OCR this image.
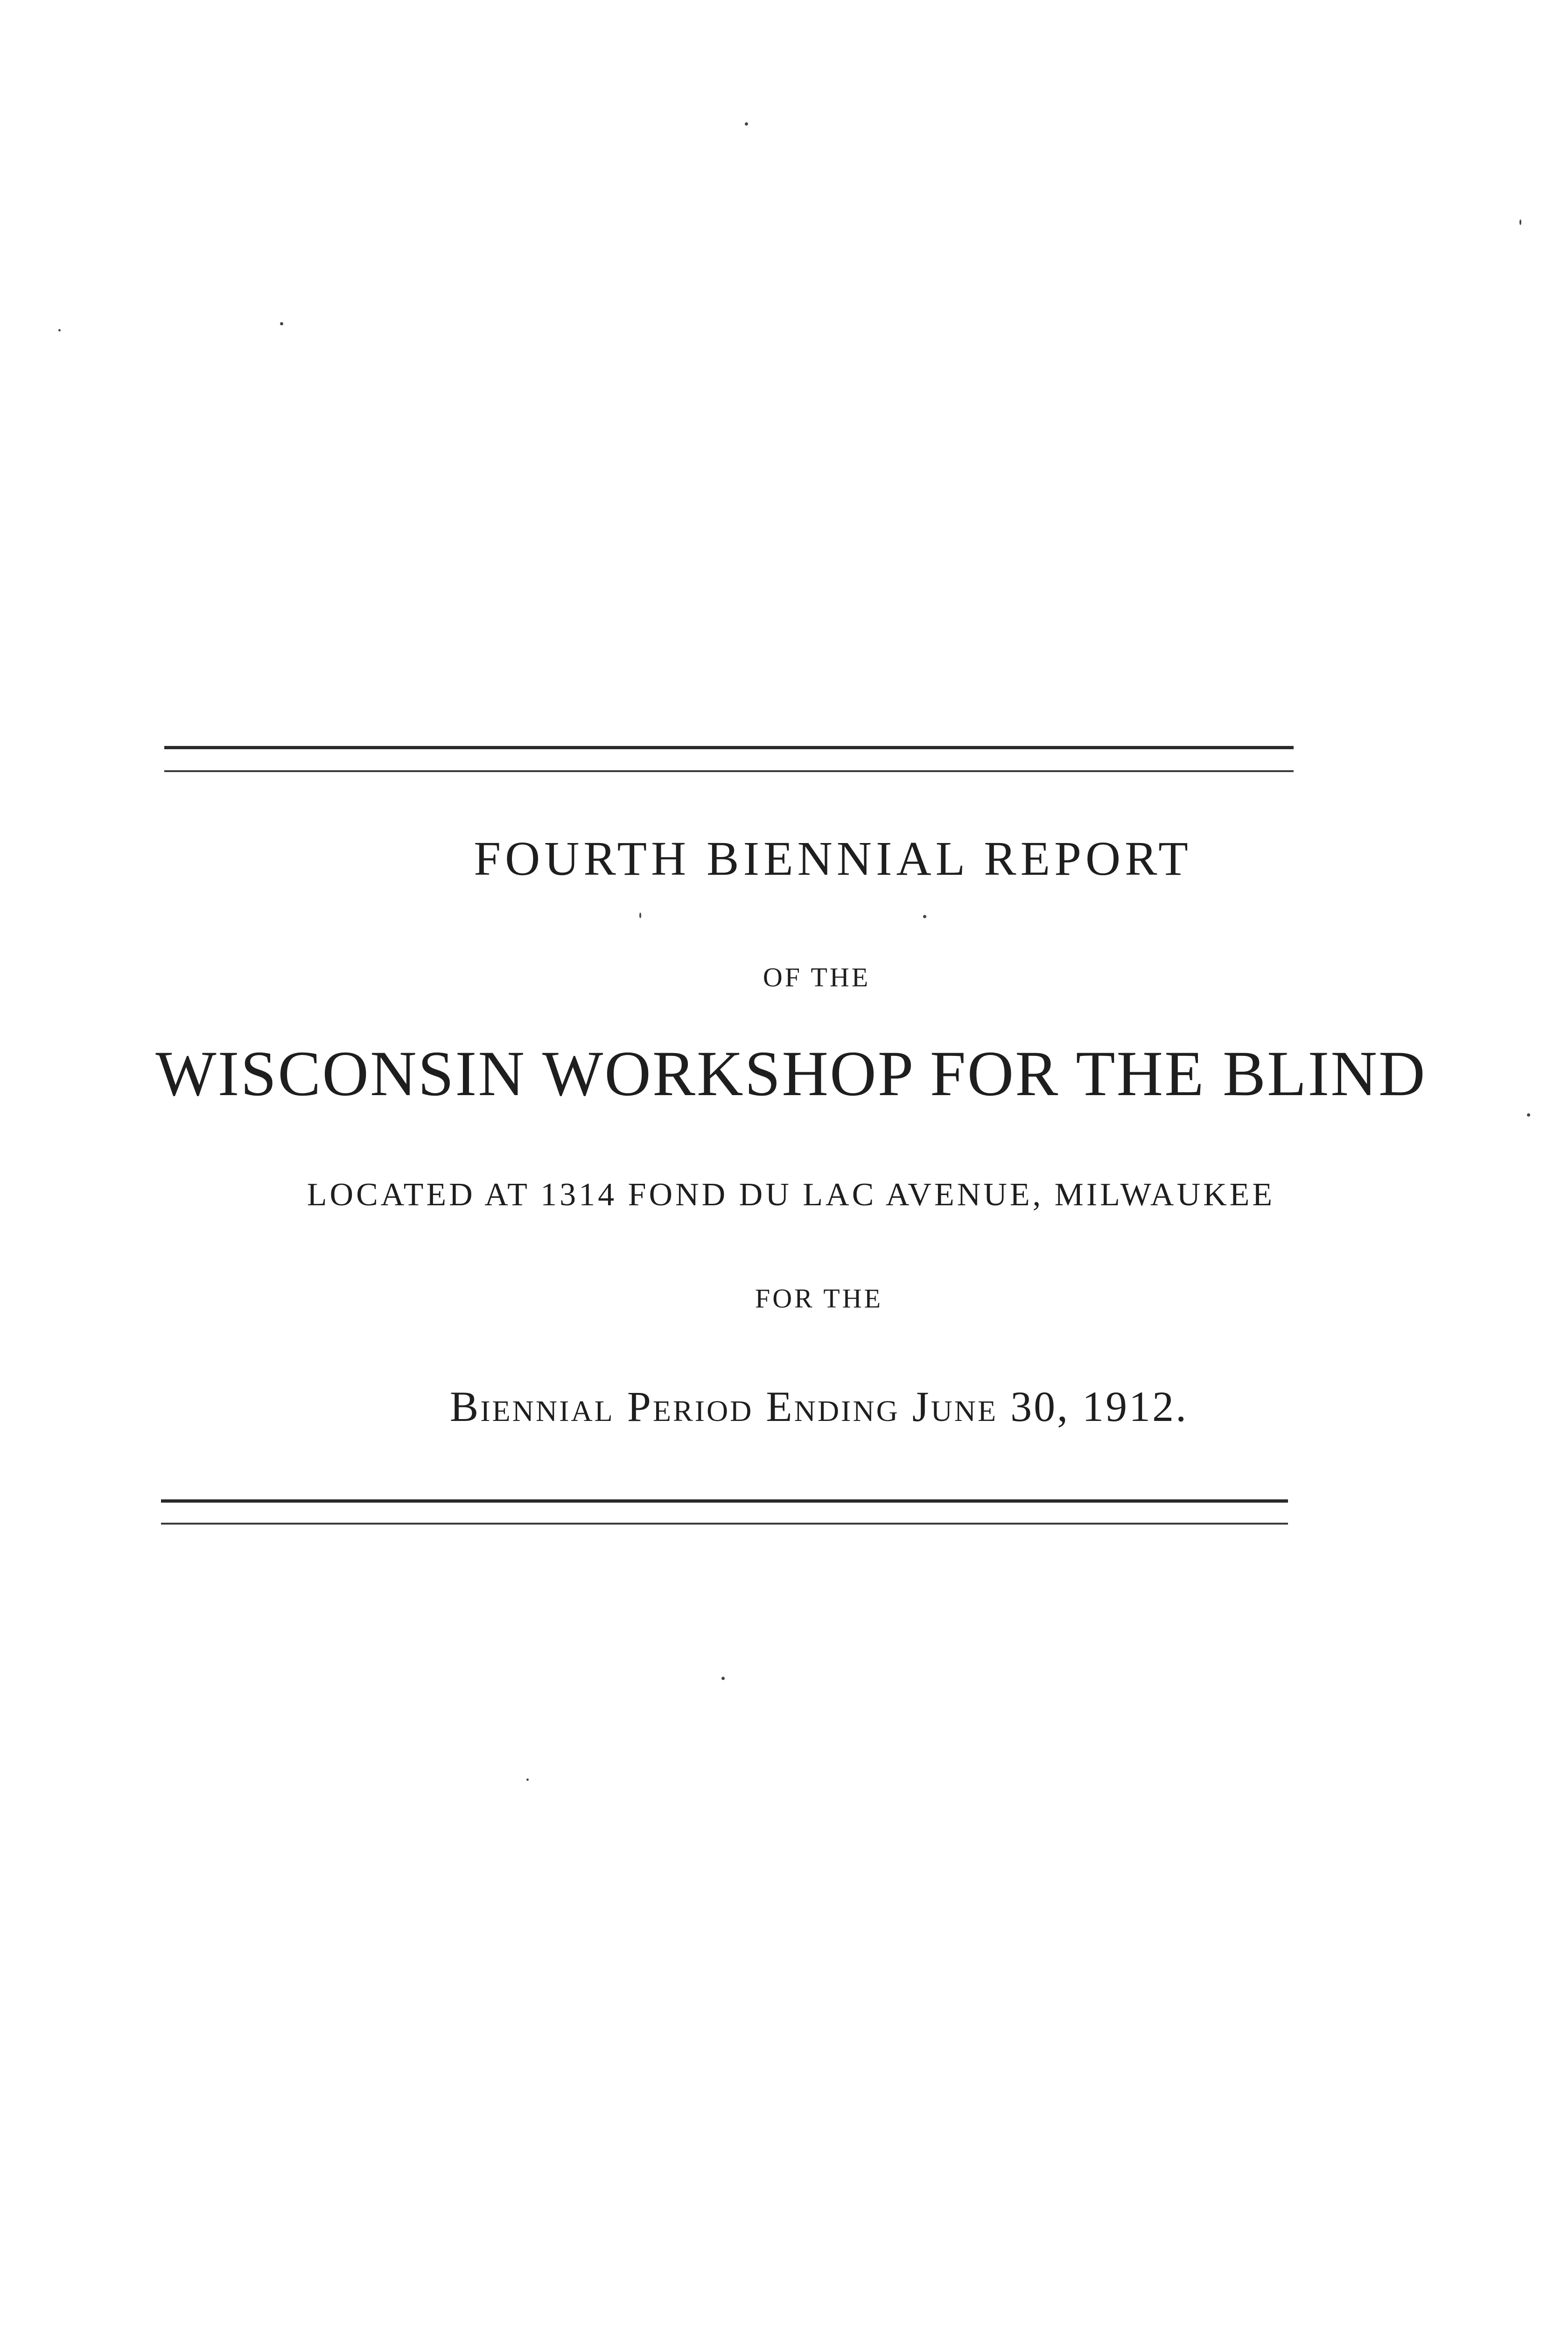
FOURTH BIENNIAL REPORT
OF THE
WISCONSIN WORKSHOP FOR THE BLIND
LOCATED AT 1314 FOND DU LAC AVENUE, MILWAUKEE
FOR THE
Biennial Period Ending June 30, 1912.
